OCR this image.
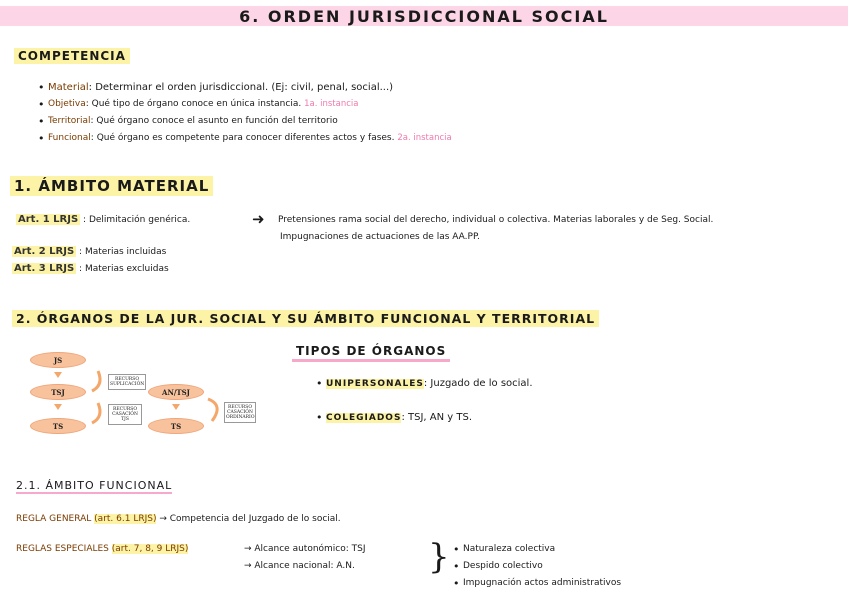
6. ORDEN JURISDICCIONAL SOCIAL
COMPETENCIA
• Material: Determinar el orden jurisdiccional. (Ej: civil, penal, social...)
• Objetiva: Qué tipo de órgano conoce en única instancia. 1a. instancia
• Territorial: Qué órgano conoce el asunto en función del territorio
• Funcional: Qué órgano es competente para conocer diferentes actos y fases. 2a. instancia
1. ÁMBITO MATERIAL
Art. 1 LRJS : Delimitación genérica.	➜ Pretensiones rama social del derecho, individual o colectiva. Materias laborales y de Seg. Social.
Impugnaciones de actuaciones de las AA.PP.
Art. 2 LRJS : Materias incluidas
Art. 3 LRJS : Materias excluidas
2. ÓRGANOS DE LA JUR. SOCIAL Y SU ÁMBITO FUNCIONAL Y TERRITORIAL
TIPOS DE ÓRGANOS
• UNIPERSONALES: Juzgado de lo social.
• COLEGIADOS: TSJ, AN y TS.
JS
TSJ
TS
RECURSO SUPLICACIÓN
RECURSO CASACIÓN TJS
AN/TSJ
TS
RECURSO CASACIÓN ORDINARIO
2.1. ÁMBITO FUNCIONAL
REGLA GENERAL (art. 6.1 LRJS) → Competencia del Juzgado de lo social.
REGLAS ESPECIALES (art. 7, 8, 9 LRJS)	→ Alcance autonómico: TSJ
→ Alcance nacional: A.N. }
• Naturaleza colectiva
• Despido colectivo
• Impugnación actos administrativos
